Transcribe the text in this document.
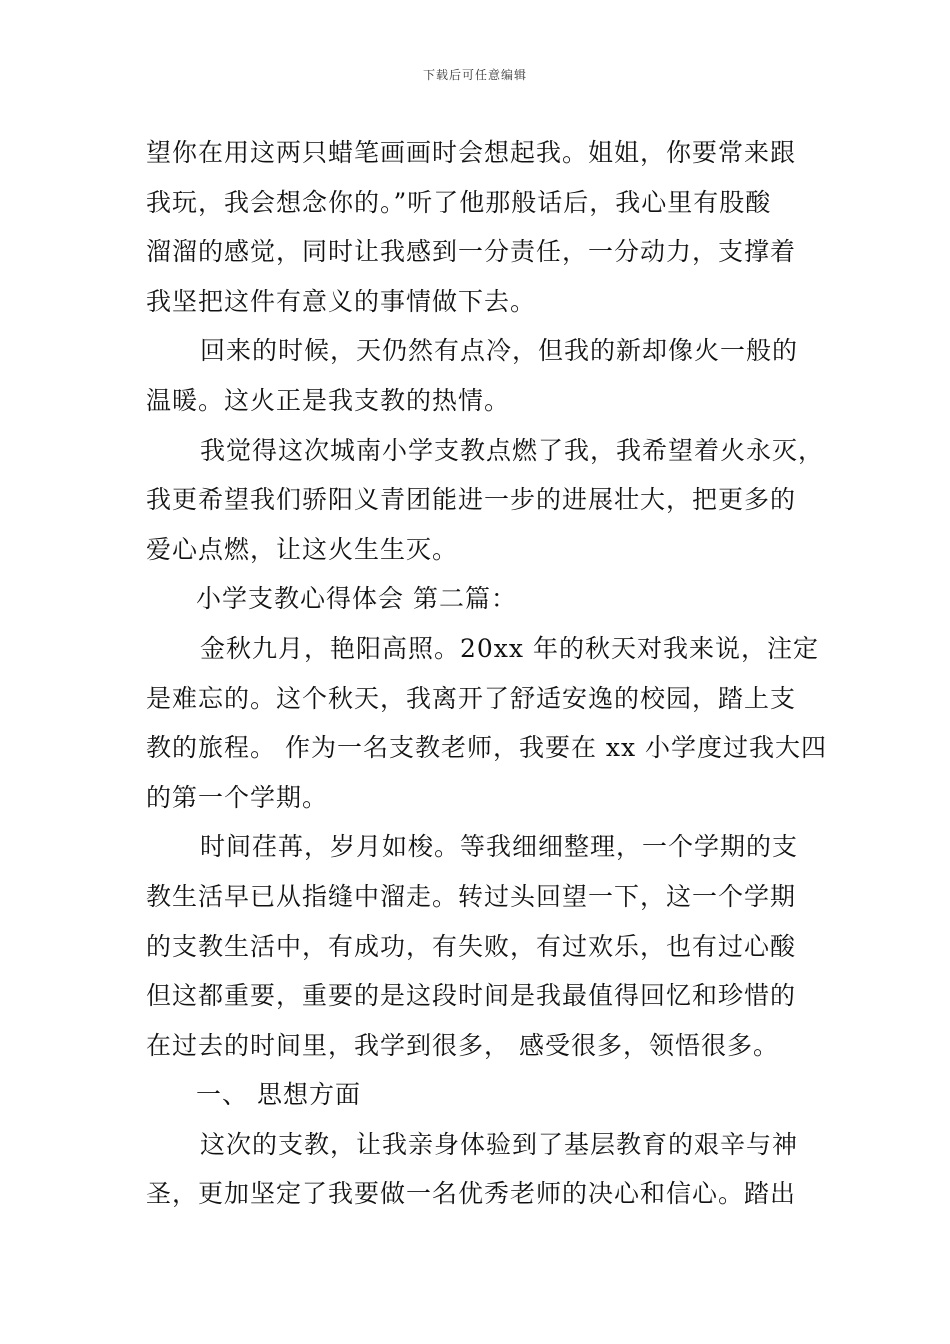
下载后可任意编辑
望你在用这两只蜡笔画画时会想起我。姐姐，你要常来跟
我玩，我会想念你的。”听了他那般话后，我心里有股酸
溜溜的感觉，同时让我感到一分责任，一分动力，支撑着
我坚把这件有意义的事情做下去。
回来的时候，天仍然有点冷，但我的新却像火一般的
温暖。这火正是我支教的热情。
我觉得这次城南小学支教点燃了我，我希望着火永灭，
我更希望我们骄阳义青团能进一步的进展壮大，把更多的
爱心点燃，让这火生生灭。
小学支教心得体会 第二篇：
金秋九月，艳阳高照。20xx 年的秋天对我来说，注定
是难忘的。这个秋天，我离开了舒适安逸的校园，踏上支
教的旅程。 作为一名支教老师，我要在 xx 小学度过我大四
的第一个学期。
时间荏苒，岁月如梭。等我细细整理，一个学期的支
教生活早已从指缝中溜走。转过头回望一下，这一个学期
的支教生活中，有成功，有失败，有过欢乐，也有过心酸
但这都重要，重要的是这段时间是我最值得回忆和珍惜的
在过去的时间里，我学到很多， 感受很多，领悟很多。
一、 思想方面
这次的支教，让我亲身体验到了基层教育的艰辛与神
圣，更加坚定了我要做一名优秀老师的决心和信心。踏出
